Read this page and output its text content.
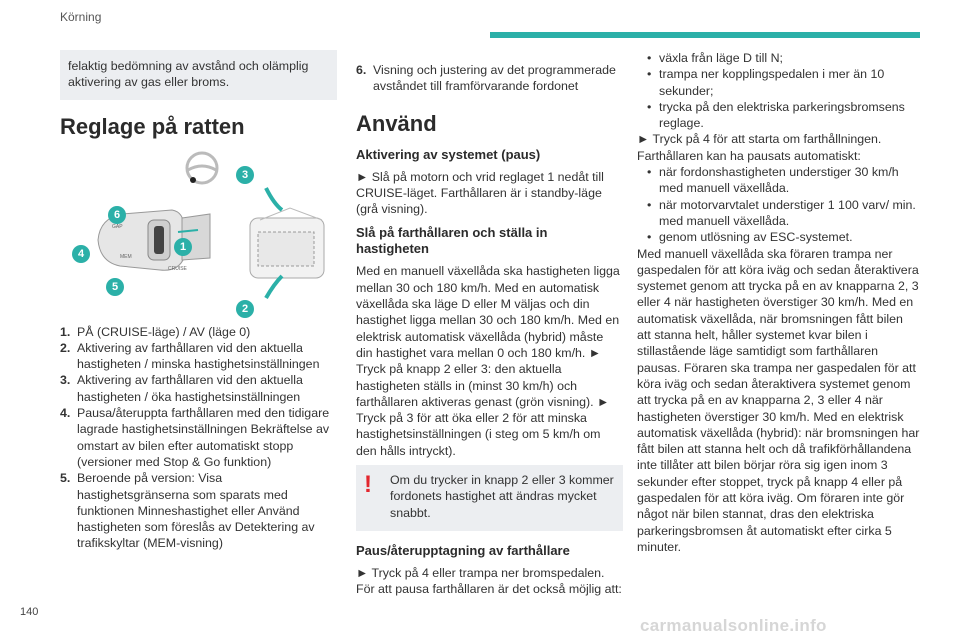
Körning
140

felaktig bedömning av avstånd och olämplig aktivering av gas eller broms.

Reglage på ratten
GAP
MEM
CRUISE
6
4
5
1
3
2
1. PÅ (CRUISE-läge) / AV (läge 0)
2. Aktivering av farthållaren vid den aktuella hastigheten / minska hastighetsinställningen
3. Aktivering av farthållaren vid den aktuella hastigheten / öka hastighetsinställningen
4. Pausa/återuppta farthållaren med den tidigare lagrade hastighetsinställningen Bekräftelse av omstart av bilen efter automatiskt stopp (versioner med Stop & Go funktion)
5. Beroende på version: Visa hastighetsgränserna som sparats med funktionen Minneshastighet eller Använd hastigheten som föreslås av Detektering av trafikskyltar (MEM-visning)
6. Visning och justering av det programmerade avståndet till framförvarande fordonet
Använd
Aktivering av systemet (paus)

► Slå på motorn och vrid reglaget 1 nedåt till CRUISE-läget. Farthållaren är i standby-läge (grå visning).

Slå på farthållaren och ställa in hastigheten

Med en manuell växellåda ska hastigheten ligga mellan 30 och 180 km/h. Med en automatisk växellåda ska läge D eller M väljas och din hastighet ligga mellan 30 och 180 km/h. Med en elektrisk automatisk växellåda (hybrid) måste din hastighet vara mellan 0 och 180 km/h. ► Tryck på knapp 2 eller 3: den aktuella hastigheten ställs in (minst 30 km/h) och farthållaren aktiveras genast (grön visning). ► Tryck på 3 för att öka eller 2 för att minska hastighetsinställningen (i steg om 5 km/h om den hålls intryckt).

!	Om du trycker in knapp 2 eller 3 kommer fordonets hastighet att ändras mycket snabbt.
Paus/återupptagning av farthållare

► Tryck på 4 eller trampa ner bromspedalen. För att pausa farthållaren är det också möjlig att:

• växla från läge D till N;
• trampa ner kopplingspedalen i mer än 10 sekunder;
• trycka på den elektriska parkeringsbromsens reglage.

► Tryck på 4 för att starta om farthållningen.

Farthållaren kan ha pausats automatiskt:

• när fordonshastigheten understiger 30 km/h med manuell växellåda.
• när motorvarvtalet understiger 1 100 varv/ min. med manuell växellåda.
• genom utlösning av ESC-systemet.

Med manuell växellåda ska föraren trampa ner gaspedalen för att köra iväg och sedan återaktivera systemet genom att trycka på en av knapparna 2, 3 eller 4 när hastigheten överstiger 30 km/h. Med en automatisk växellåda, när bromsningen fått bilen att stanna helt, håller systemet kvar bilen i stillastående läge samtidigt som farthållaren pausas. Föraren ska trampa ner gaspedalen för att köra iväg och sedan återaktivera systemet genom att trycka på en av knapparna 2, 3 eller 4 när hastigheten överstiger 30 km/h. Med en elektrisk automatisk växellåda (hybrid): när bromsningen har fått bilen att stanna helt och då trafikförhållandena inte tillåter att bilen börjar röra sig igen inom 3 sekunder efter stoppet, tryck på knapp 4 eller på gaspedalen för att köra iväg. Om föraren inte gör något när bilen stannat, dras den elektriska parkeringsbromsen åt automatiskt efter cirka 5 minuter.

carmanualsonline.info
